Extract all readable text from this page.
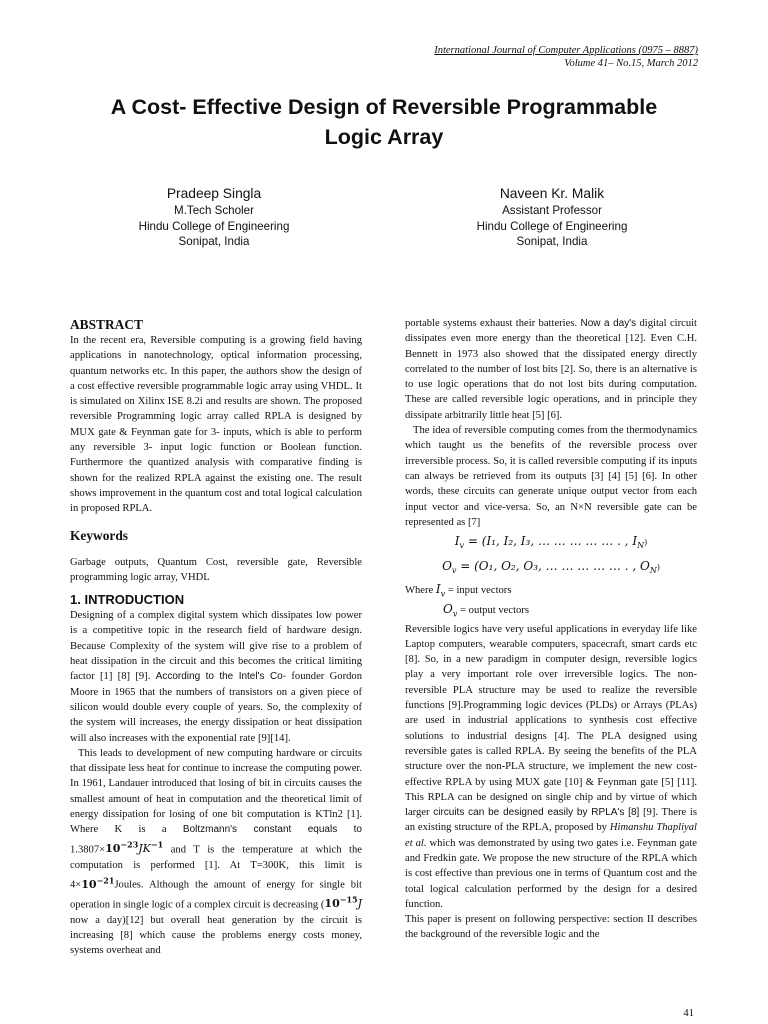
International Journal of Computer Applications (0975 – 8887)
Volume 41– No.15, March 2012
A Cost- Effective Design of Reversible Programmable
Logic Array
Pradeep Singla
M.Tech Scholer
Hindu College of Engineering
Sonipat, India
Naveen Kr. Malik
Assistant Professor
Hindu College of Engineering
Sonipat, India
ABSTRACT

In the recent era, Reversible computing is a growing field having applications in nanotechnology, optical information processing, quantum networks etc. In this paper, the authors show the design of a cost effective reversible programmable logic array using VHDL. It is simulated on Xilinx ISE 8.2i and results are shown. The proposed reversible Programming logic array called RPLA is designed by MUX gate & Feynman gate for 3- inputs, which is able to perform any reversible 3- input logic function or Boolean function. Furthermore the quantized analysis with comparative finding is shown for the realized RPLA against the existing one. The result shows improvement in the quantum cost and total logical calculation in proposed RPLA.

Keywords

Garbage outputs, Quantum Cost, reversible gate, Reversible programming logic array, VHDL

1. INTRODUCTION

Designing of a complex digital system which dissipates low power is a competitive topic in the research field of hardware design. Because Complexity of the system will give rise to a problem of heat dissipation in the circuit and this becomes the critical limiting factor [1] [8] [9]. According to the Intel's Co- founder Gordon Moore in 1965 that the numbers of transistors on a given piece of silicon would double every couple of years. So, the complexity of the system will increases, the energy dissipation or heat dissipation will also increases with the exponential rate [9][14].

This leads to development of new computing hardware or circuits that dissipate less heat for continue to increase the computing power. In 1961, Landauer introduced that losing of bit in circuits causes the smallest amount of heat in computation and the theoretical limit of energy dissipation for losing of one bit computation is KTln2 [1]. Where K is a Boltzmann's constant equals to $1.3807\times 10^{-23}JK^{-1}$ and T is the temperature at which the computation is performed [1]. At T=300K, this limit is $4\times 10^{-21}Joules$. Although the amount of energy for single bit operation in single logic of a complex circuit is decreasing ($10^{-15}J$ now a day)[12] but overall heat generation by the circuit is increasing [8] which cause the problems energy costs money, systems overheat and

portable systems exhaust their batteries. Now a day's digital circuit dissipates even more energy than the theoretical [12]. Even C.H. Bennett in 1973 also showed that the dissipated energy directly correlated to the number of lost bits [2]. So, there is an alternative is to use logic operations that do not lost bits during computation. These are called reversible logic operations, and in principle they dissipate arbitrarily little heat [5] [6].

The idea of reversible computing comes from the thermodynamics which taught us the benefits of the reversible process over irreversible process. So, it is called reversible computing if its inputs can always be retrieved from its outputs [3] [4] [5] [6]. In other words, these circuits can generate unique output vector from each input vector and vice-versa. So, an N×N reversible gate can be represented as [7]

$I_v = (I_1$, I₂, I₃, … … … … … . , $I_N$)
$O_v = (O_1$, O₂, O₃, … … … … … . , $O_N$)
Where $I_v$ = input vectors
$O_v$ = output vectors

Reversible logics have very useful applications in everyday life like Laptop computers, wearable computers, spacecraft, smart cards etc [8]. So, in a new paradigm in computer design, reversible logics play a very important role over irreversible logics. The non-reversible PLA structure may be used to realize the reversible functions [9].Programming logic devices (PLDs) or Arrays (PLAs) are used in industrial applications to synthesis cost effective solutions to industrial designs [4]. The PLA designed using reversible gates is called RPLA. By seeing the benefits of the PLA structure over the non-PLA structure, we implement the new cost-effective RPLA by using MUX gate [10] & Feynman gate [5] [11]. This RPLA can be designed on single chip and by virtue of which larger circuits can be designed easily by RPLA's [8] [9]. There is an existing structure of the RPLA, proposed by Himanshu Thapliyal et al. which was demonstrated by using two gates i.e. Feynman gate and Fredkin gate. We propose the new structure of the RPLA which is cost effective than previous one in terms of Quantum cost and the total logical calculation performed by the design for a desired function.

This paper is present on following perspective: section II describes the background of the reversible logic and the

41
